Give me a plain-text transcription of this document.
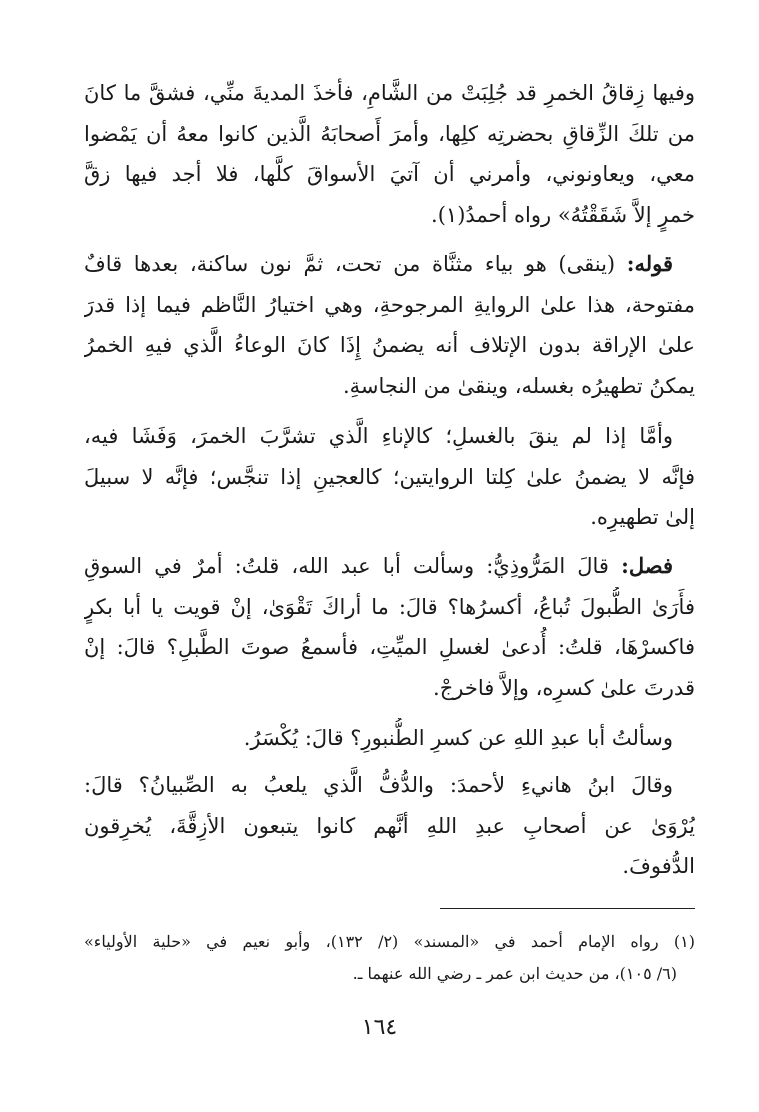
وفيها زِقاقُ الخمرِ قد جُلِبَتْ من الشَّامِ، فأخذَ المديةَ منِّي، فشقَّ ما كانَ
من تلكَ الزِّقاقِ بحضرتِه كلِها، وأمرَ أَصحابَهُ الَّذين كانوا معهُ أن يَمْضوا
معي، ويعاونوني، وأمرني أن آتيَ الأسواقَ كلَّها، فلا أجد فيها زقَّ
خمرٍ إلاَّ شَقَقْتُهُ» رواه أحمدُ(١).

قوله: (ينقى) هو بياء مثنَّاة من تحت، ثمَّ نون ساكنة، بعدها قافٌ
مفتوحة، هذا علىٰ الروايةِ المرجوحةِ، وهي اختيارُ النَّاظم فيما إذا قدرَ
علىٰ الإراقة بدون الإتلاف أنه يضمنُ إِذَا كانَ الوعاءُ الَّذي فيهِ الخمرُ
يمكنُ تطهيرُه بغسله، وينقىٰ من النجاسةِ.

وأمَّا إذا لم ينقَ بالغسلِ؛ كالإناءِ الَّذي تشرَّبَ الخمرَ، وَفَشَا فيه،
فإنَّه لا يضمنُ علىٰ كِلتا الروايتين؛ كالعجينِ إذا تنجَّس؛ فإنَّه لا سبيلَ
إلىٰ تطهيرِه.

فصل: قالَ المَرُّوذِيُّ: وسألت أبا عبد الله، قلتُ: أمرٌ في السوقِ
فأَرَىٰ الطُّبولَ تُباعُ، أكسرُها؟ قالَ: ما أراكَ تَقْوَىٰ، إنْ قويت يا أبا بكرٍ
فاكسرْهَا، قلتُ: أُدعىٰ لغسلِ الميِّتِ، فأسمعُ صوتَ الطَّبلِ؟ قالَ: إنْ
قدرتَ علىٰ كسرِه، وإلاَّ فاخرجْ.

وسألتُ أبا عبدِ اللهِ عن كسرِ الطُّنبورِ؟ قالَ: يُكْسَرُ.

وقالَ ابنُ هانيءِ لأحمدَ: والدُّفُّ الَّذي يلعبُ به الصِّبيانُ؟ قالَ:
يُرْوَىٰ عن أصحابِ عبدِ اللهِ أنَّهم كانوا يتبعون الأزِقَّةَ، يُخرِقون
الدُّفوفَ.

(١) رواه الإمام أحمد في «المسند» (٢/ ١٣٢)، وأبو نعيم في «حلية الأولياء»
(٦/ ١٠٥)، من حديث ابن عمر ـ رضي الله عنهما ـ.

١٦٤
